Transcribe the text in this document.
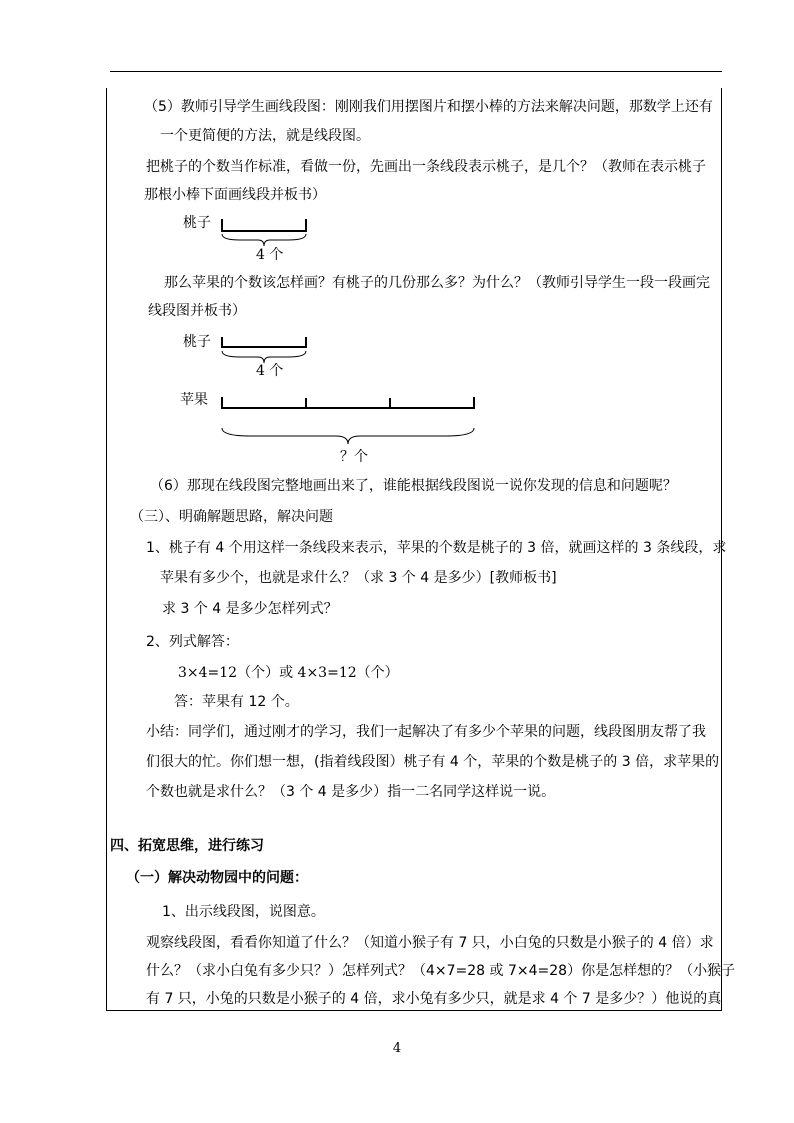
（5）教师引导学生画线段图：刚刚我们用摆图片和摆小棒的方法来解决问题，那数学上还有
一个更简便的方法，就是线段图。
把桃子的个数当作标准，看做一份，先画出一条线段表示桃子，是几个？（教师在表示桃子
那根小棒下面画线段并板书）
桃子
4 个
那么苹果的个数该怎样画？有桃子的几份那么多？为什么？（教师引导学生一段一段画完
线段图并板书）
桃子
4 个
苹果
？个
（6）那现在线段图完整地画出来了，谁能根据线段图说一说你发现的信息和问题呢？
（三）、明确解题思路，解决问题
1、桃子有 4 个用这样一条线段来表示，苹果的个数是桃子的 3 倍，就画这样的 3 条线段，求
苹果有多少个，也就是求什么？（求 3 个 4 是多少）[教师板书]
求 3 个 4 是多少怎样列式？
2、列式解答：
3×4=12（个）或 4×3=12（个）
答：苹果有 12 个。
小结：同学们，通过刚才的学习，我们一起解决了有多少个苹果的问题，线段图朋友帮了我
们很大的忙。你们想一想，(指着线段图）桃子有 4 个，苹果的个数是桃子的 3 倍，求苹果的
个数也就是求什么？（3 个 4 是多少）指一二名同学这样说一说。
四、拓宽思维，进行练习
（一）解决动物园中的问题：
1、出示线段图，说图意。
观察线段图，看看你知道了什么？（知道小猴子有 7 只，小白兔的只数是小猴子的 4 倍）求
什么？（求小白兔有多少只？）怎样列式？（4×7=28 或 7×4=28）你是怎样想的？（小猴子
有 7 只，小兔的只数是小猴子的 4 倍，求小兔有多少只，就是求 4 个 7 是多少？）他说的真
4
